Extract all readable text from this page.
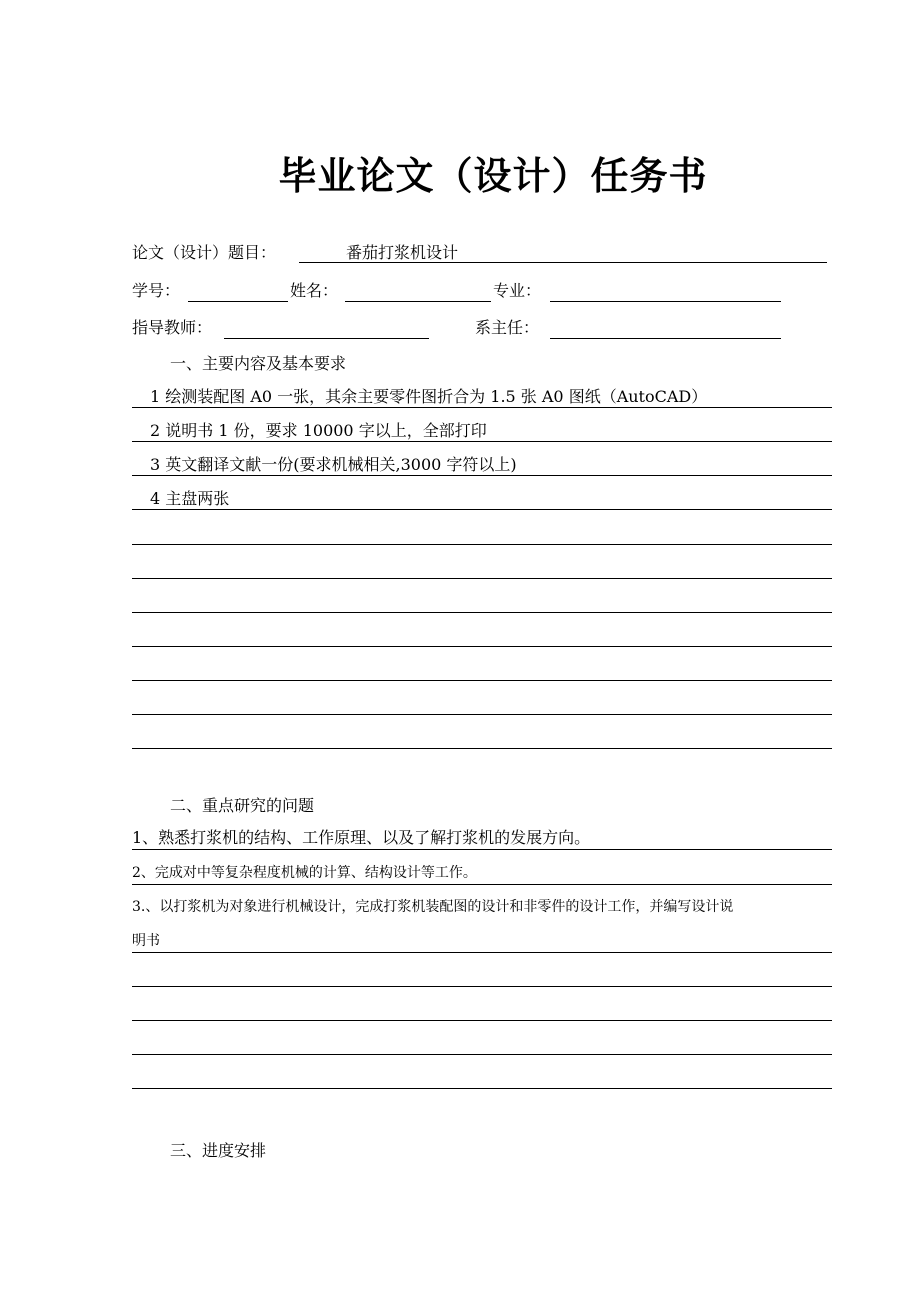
毕业论文（设计）任务书
论文（设计）题目：	番茄打浆机设计
学号：	姓名：	专业：
指导教师：	系主任：
一、主要内容及基本要求
1 绘测装配图 A0 一张，其余主要零件图折合为 1.5 张 A0 图纸（AutoCAD）
2 说明书 1 份，要求 10000 字以上，全部打印
3 英文翻译文献一份(要求机械相关,3000 字符以上)
4 主盘两张
二、重点研究的问题
1、熟悉打浆机的结构、工作原理、以及了解打浆机的发展方向。
2、完成对中等复杂程度机械的计算、结构设计等工作。
3.、以打浆机为对象进行机械设计，完成打浆机装配图的设计和非零件的设计工作，并编写设计说
明书
三、进度安排
